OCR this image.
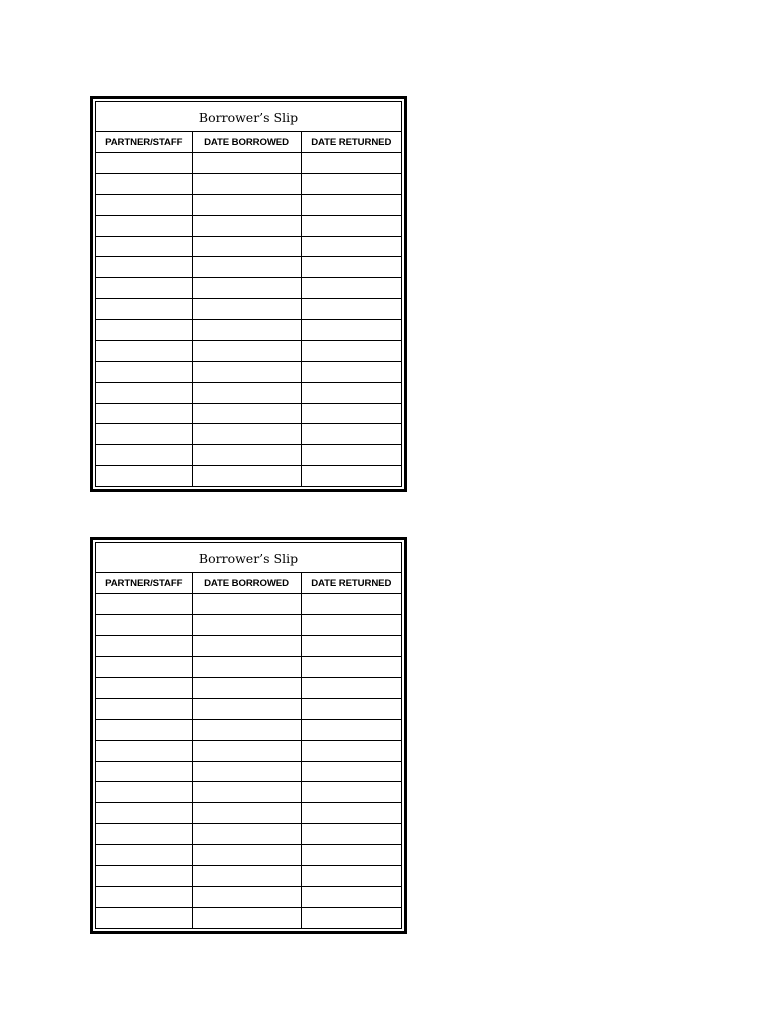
Borrower’s Slip
PARTNER/STAFF	DATE BORROWED	DATE RETURNED

Borrower’s Slip
PARTNER/STAFF	DATE BORROWED	DATE RETURNED
